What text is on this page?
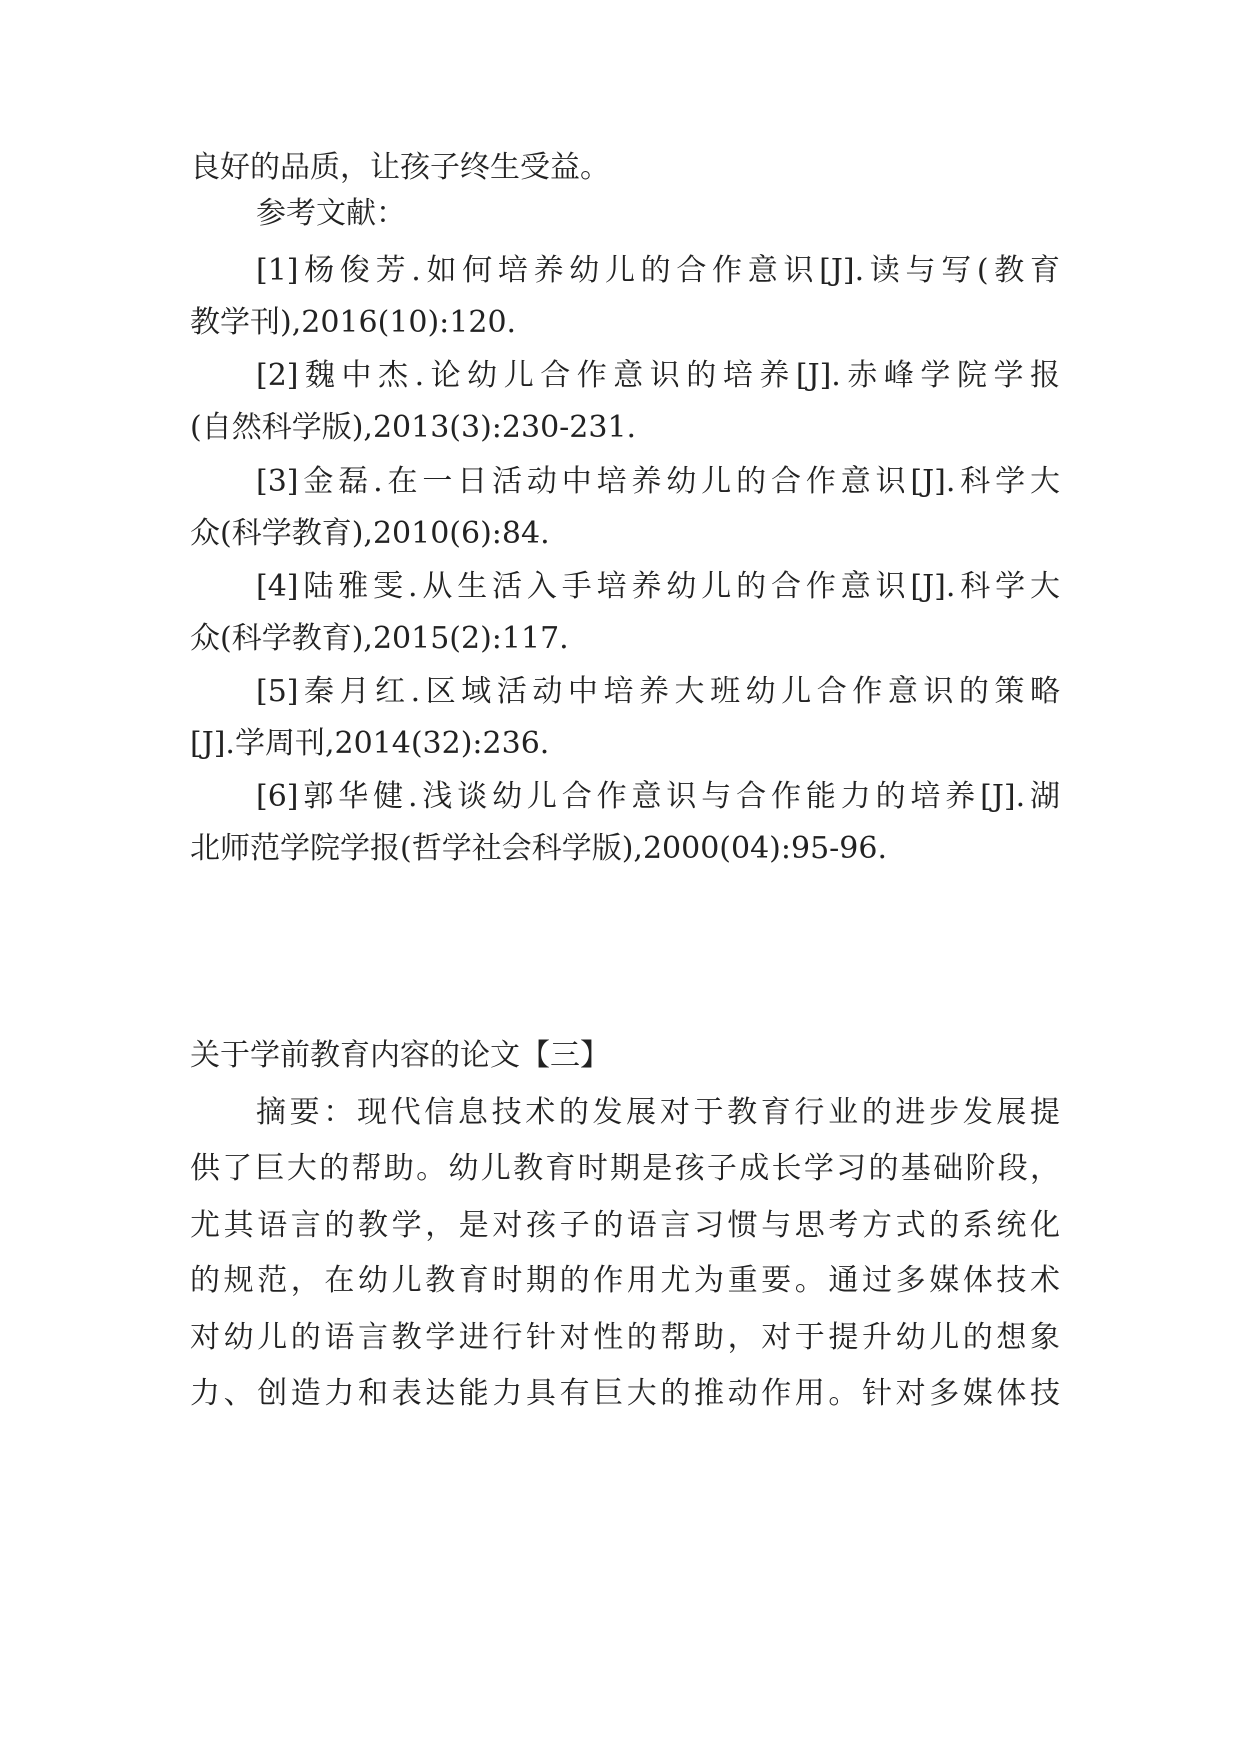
良好的品质，让孩子终生受益。

参考文献：

[1]杨俊芳.如何培养幼儿的合作意识[J].读与写(教育

教学刊),2016(10):120.

[2]魏中杰.论幼儿合作意识的培养[J].赤峰学院学报

(自然科学版),2013(3):230-231.

[3]金磊.在一日活动中培养幼儿的合作意识[J].科学大

众(科学教育),2010(6):84.

[4]陆雅雯.从生活入手培养幼儿的合作意识[J].科学大

众(科学教育),2015(2):117.

[5]秦月红.区域活动中培养大班幼儿合作意识的策略

[J].学周刊,2014(32):236.

[6]郭华健.浅谈幼儿合作意识与合作能力的培养[J].湖

北师范学院学报(哲学社会科学版),2000(04):95-96.

关于学前教育内容的论文【三】

摘要：现代信息技术的发展对于教育行业的进步发展提

供了巨大的帮助。幼儿教育时期是孩子成长学习的基础阶段，

尤其语言的教学，是对孩子的语言习惯与思考方式的系统化

的规范，在幼儿教育时期的作用尤为重要。通过多媒体技术

对幼儿的语言教学进行针对性的帮助，对于提升幼儿的想象

力、创造力和表达能力具有巨大的推动作用。针对多媒体技
